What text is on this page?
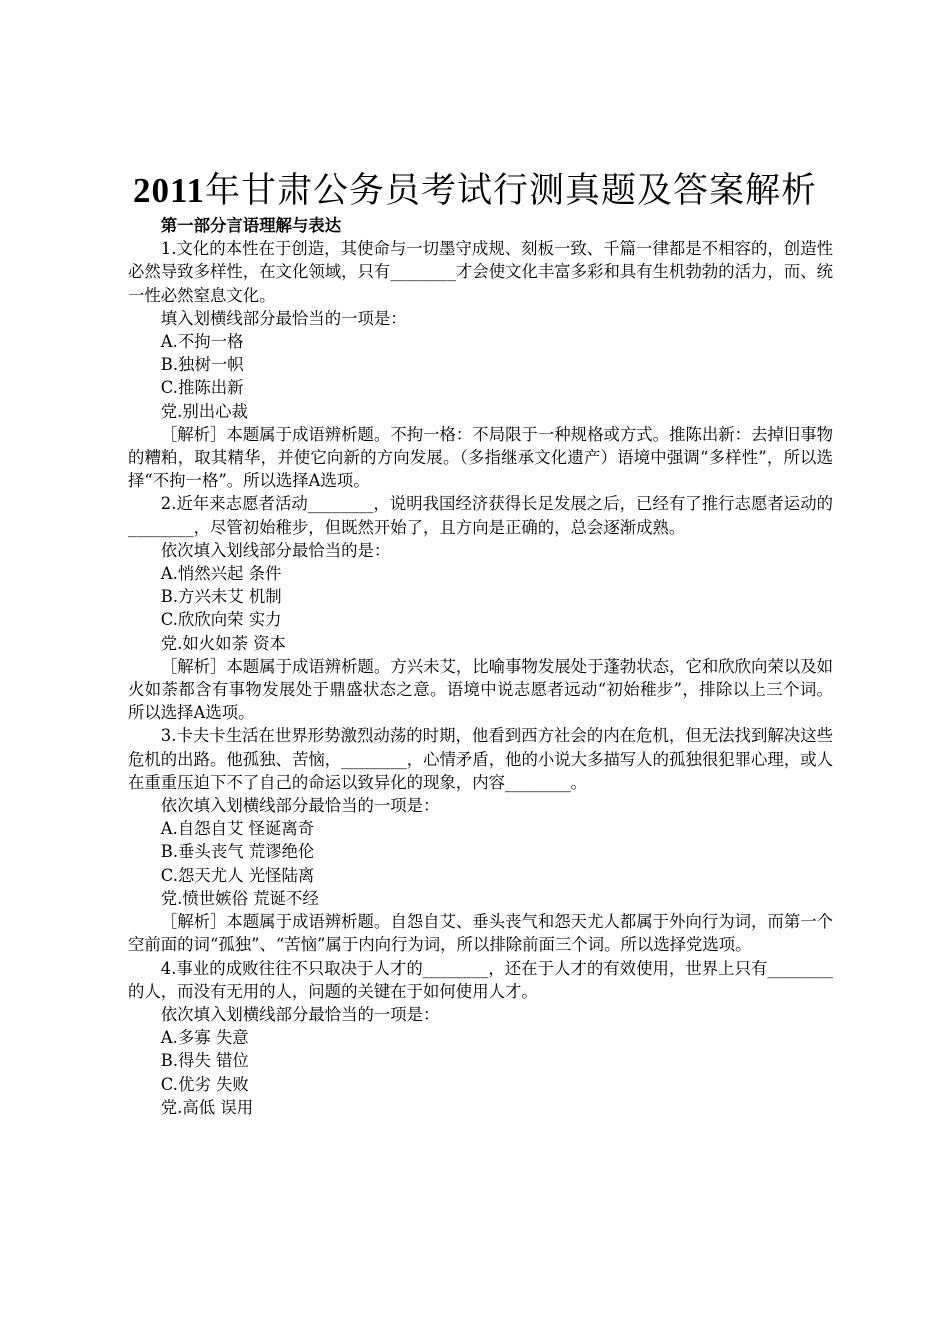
2011年甘肃公务员考试行测真题及答案解析

第一部分言语理解与表达

1.文化的本性在于创造，其使命与一切墨守成规、刻板一致、千篇一律都是不相容的，创造性必然导致多样性，在文化领域，只有________才会使文化丰富多彩和具有生机勃勃的活力，而、统一性必然窒息文化。

填入划横线部分最恰当的一项是：

A.不拘一格

B.独树一帜

C.推陈出新

党.别出心裁

［解析］本题属于成语辨析题。不拘一格：不局限于一种规格或方式。推陈出新：去掉旧事物的糟粕，取其精华，并使它向新的方向发展。（多指继承文化遗产）语境中强调“多样性”，所以选择“不拘一格”。所以选择A选项。

2.近年来志愿者活动________，说明我国经济获得长足发展之后，已经有了推行志愿者运动的________，尽管初始稚步，但既然开始了，且方向是正确的，总会逐渐成熟。

依次填入划线部分最恰当的是：

A.悄然兴起 条件

B.方兴未艾 机制

C.欣欣向荣 实力

党.如火如荼 资本

［解析］本题属于成语辨析题。方兴未艾，比喻事物发展处于蓬勃状态，它和欣欣向荣以及如火如荼都含有事物发展处于鼎盛状态之意。语境中说志愿者远动“初始稚步”，排除以上三个词。所以选择A选项。

3.卡夫卡生活在世界形势激烈动荡的时期，他看到西方社会的内在危机，但无法找到解决这些危机的出路。他孤独、苦恼，________，心情矛盾，他的小说大多描写人的孤独很犯罪心理，或人在重重压迫下不了自己的命运以致异化的现象，内容________。

依次填入划横线部分最恰当的一项是：

A.自怨自艾 怪诞离奇

B.垂头丧气 荒谬绝伦

C.怨天尤人 光怪陆离

党.愤世嫉俗 荒诞不经

［解析］本题属于成语辨析题。自怨自艾、垂头丧气和怨天尤人都属于外向行为词，而第一个空前面的词“孤独”、“苦恼”属于内向行为词，所以排除前面三个词。所以选择党选项。

4.事业的成败往往不只取决于人才的________，还在于人才的有效使用，世界上只有________的人，而没有无用的人，问题的关键在于如何使用人才。

依次填入划横线部分最恰当的一项是：

A.多寡 失意

B.得失 错位

C.优劣 失败

党.高低 误用
